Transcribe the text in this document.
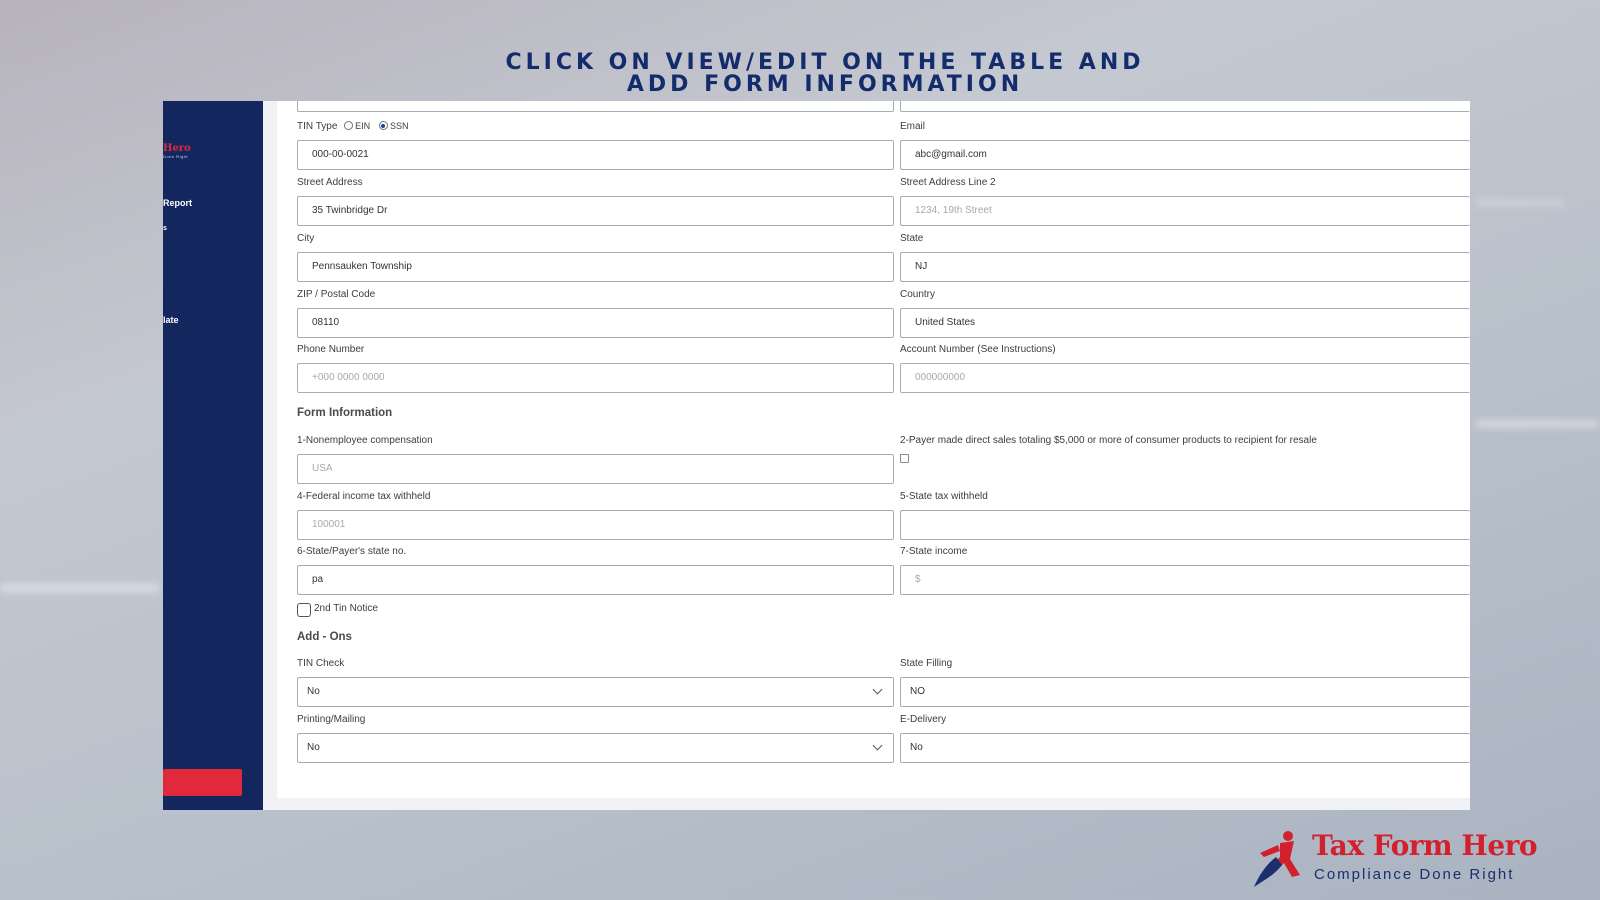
CLICK ON VIEW/EDIT ON THE TABLE AND
ADD FORM INFORMATION
Hero
Done Right
Report
s
late
TIN Type EIN SSN
000-00-0021
Email
abc@gmail.com
Street Address
35 Twinbridge Dr
Street Address Line 2
1234, 19th Street
City
Pennsauken Township
State
NJ
ZIP / Postal Code
08110
Country
United States
Phone Number
+000 0000 0000
Account Number (See Instructions)
000000000
Form Information
1-Nonemployee compensation
USA
2-Payer made direct sales totaling $5,000 or more of consumer products to recipient for resale
4-Federal income tax withheld
100001
5-State tax withheld
6-State/Payer's state no.
pa
7-State income
$
2nd Tin Notice
Add - Ons
TIN Check
No
State Filling
NO
Printing/Mailing
No
E-Delivery
No
Tax Form Hero
Compliance Done Right
